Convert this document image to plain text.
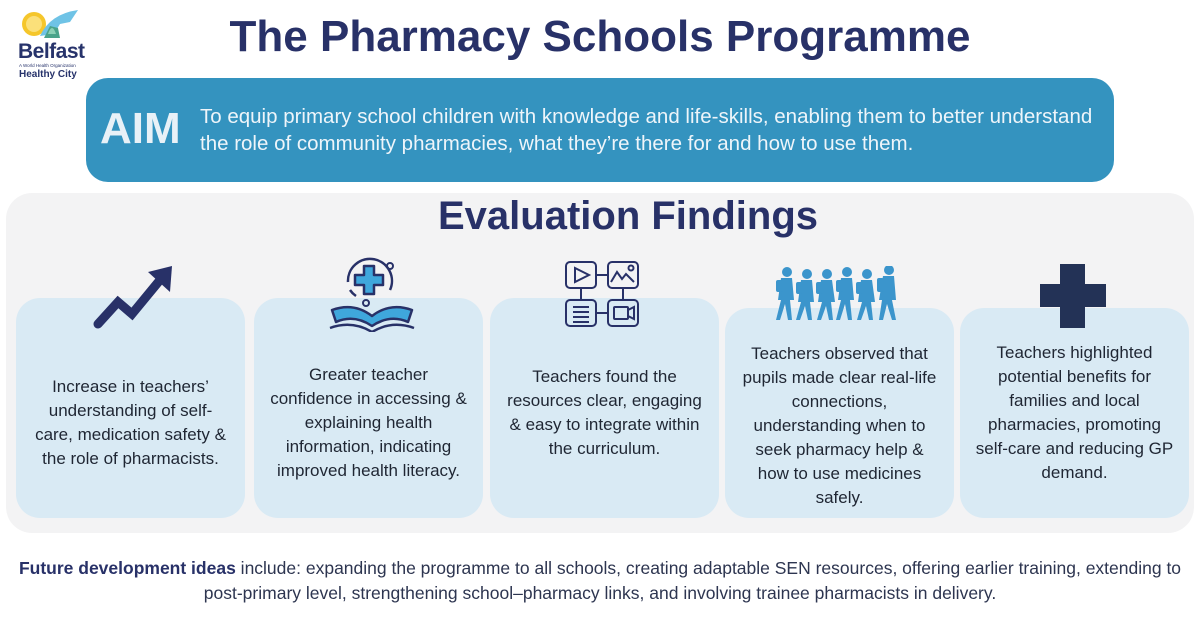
Belfast
A World Health Organization
Healthy City
The Pharmacy Schools Programme
AIM To equip primary school children with knowledge and life-skills, enabling them to better understand the role of community pharmacies, what they’re there for and how to use them.
Evaluation Findings
Increase in teachers’ understanding of self-care, medication safety & the role of pharmacists.
Greater teacher confidence in accessing & explaining health information, indicating improved health literacy.
Teachers found the resources clear, engaging & easy to integrate within the curriculum.
Teachers observed that pupils made clear real-life connections, understanding when to seek pharmacy help & how to use medicines safely.
Teachers highlighted potential benefits for families and local pharmacies, promoting self-care and reducing GP demand.

Future development ideas include: expanding the programme to all schools, creating adaptable SEN resources, offering earlier training, extending to post-primary level, strengthening school–pharmacy links, and involving trainee pharmacists in delivery.
